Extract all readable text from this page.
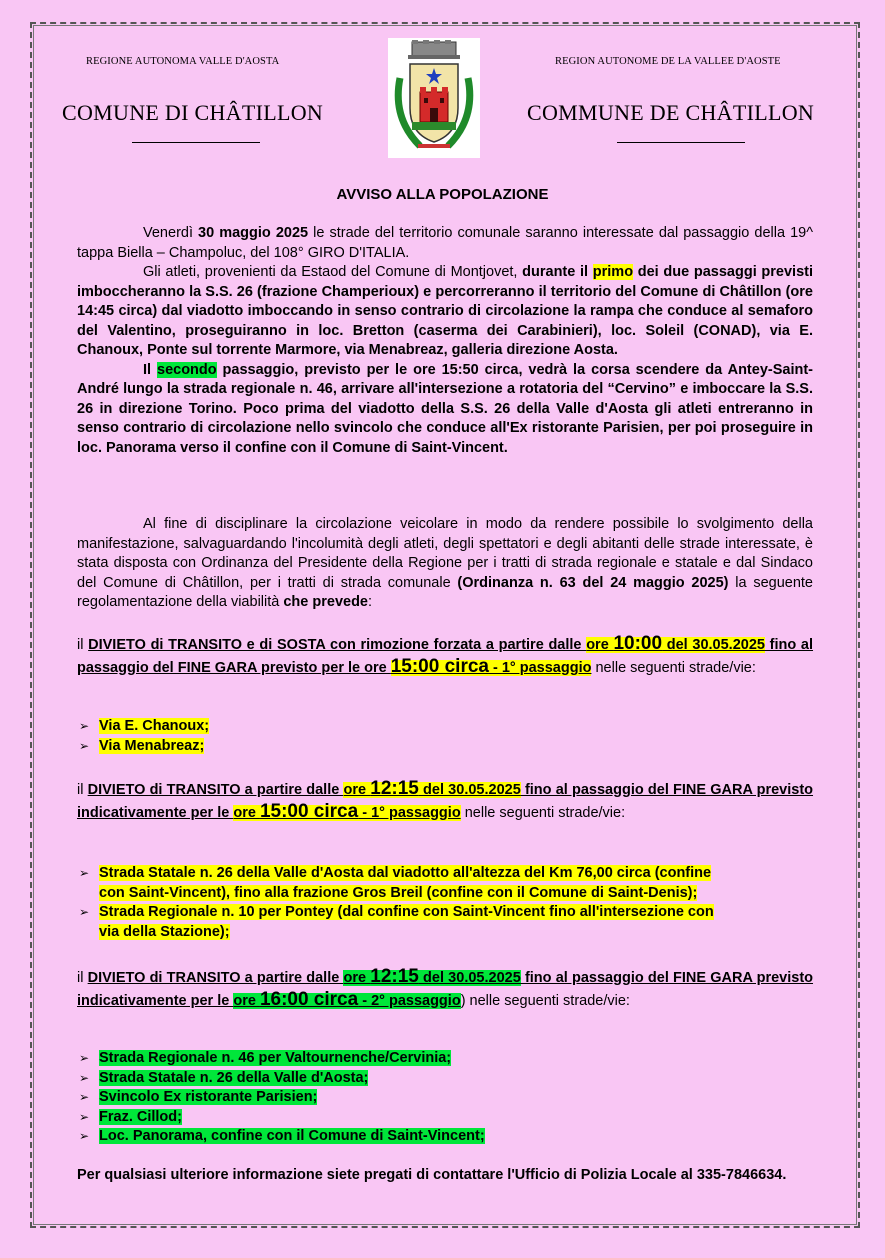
REGIONE AUTONOMA VALLE D'AOSTA	REGION AUTONOME DE LA VALLEE D'AOSTE
COMUNE DI CHÂTILLON	COMMUNE DE CHÂTILLON
AVVISO ALLA POPOLAZIONE

Venerdì 30 maggio 2025 le strade del territorio comunale saranno interessate dal passaggio della 19^ tappa Biella – Champoluc, del 108° GIRO D'ITALIA.

Gli atleti, provenienti da Estaod del Comune di Montjovet, durante il primo dei due passaggi previsti imboccheranno la S.S. 26 (frazione Champerioux) e percorreranno il territorio del Comune di Châtillon (ore 14:45 circa) dal viadotto imboccando in senso contrario di circolazione la rampa che conduce al semaforo del Valentino, proseguiranno in loc. Bretton (caserma dei Carabinieri), loc. Soleil (CONAD), via E. Chanoux, Ponte sul torrente Marmore, via Menabreaz, galleria direzione Aosta.

Il secondo passaggio, previsto per le ore 15:50 circa, vedrà la corsa scendere da Antey-Saint-André lungo la strada regionale n. 46, arrivare all'intersezione a rotatoria del “Cervino” e imboccare la S.S. 26 in direzione Torino. Poco prima del viadotto della S.S. 26 della Valle d'Aosta gli atleti entreranno in senso contrario di circolazione nello svincolo che conduce all'Ex ristorante Parisien, per poi proseguire in loc. Panorama verso il confine con il Comune di Saint-Vincent.

Al fine di disciplinare la circolazione veicolare in modo da rendere possibile lo svolgimento della manifestazione, salvaguardando l'incolumità degli atleti, degli spettatori e degli abitanti delle strade interessate, è stata disposta con Ordinanza del Presidente della Regione per i tratti di strada regionale e statale e dal Sindaco del Comune di Châtillon, per i tratti di strada comunale (Ordinanza n. 63 del 24 maggio 2025) la seguente regolamentazione della viabilità che prevede:

il DIVIETO di TRANSITO e di SOSTA con rimozione forzata a partire dalle ore 10:00 del 30.05.2025 fino al passaggio del FINE GARA previsto per le ore 15:00 circa - 1° passaggio nelle seguenti strade/vie:

➢ Via E. Chanoux;
➢ Via Menabreaz;

il DIVIETO di TRANSITO a partire dalle ore 12:15 del 30.05.2025 fino al passaggio del FINE GARA previsto indicativamente per le ore 15:00 circa - 1° passaggio nelle seguenti strade/vie:

➢ Strada Statale n. 26 della Valle d'Aosta dal viadotto all'altezza del Km 76,00 circa (confine
con Saint-Vincent), fino alla frazione Gros Breil (confine con il Comune di Saint-Denis);
➢ Strada Regionale n. 10 per Pontey (dal confine con Saint-Vincent fino all'intersezione con
via della Stazione);

il DIVIETO di TRANSITO a partire dalle ore 12:15 del 30.05.2025 fino al passaggio del FINE GARA previsto indicativamente per le ore 16:00 circa - 2° passaggio) nelle seguenti strade/vie:

➢ Strada Regionale n. 46 per Valtournenche/Cervinia;
➢ Strada Statale n. 26 della Valle d'Aosta;
➢ Svincolo Ex ristorante Parisien;
➢ Fraz. Cillod;
➢ Loc. Panorama, confine con il Comune di Saint-Vincent;
Per qualsiasi ulteriore informazione siete pregati di contattare l'Ufficio di Polizia Locale al 335-7846634.
